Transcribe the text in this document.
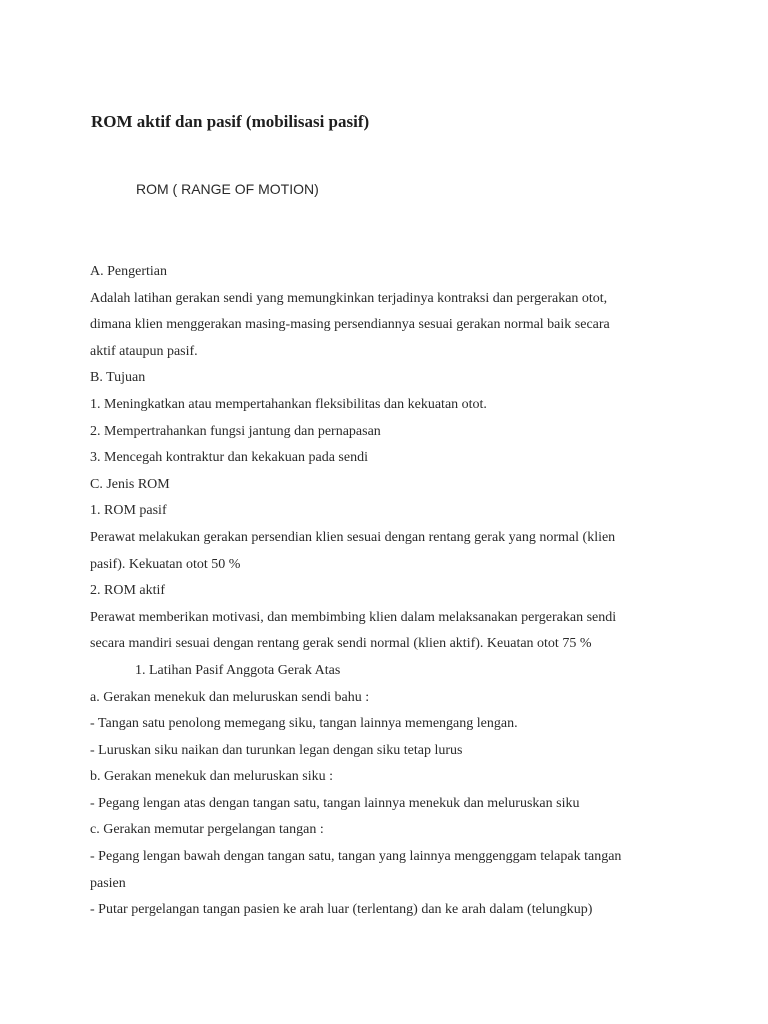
ROM aktif dan pasif (mobilisasi pasif)
ROM ( RANGE OF MOTION)
A. Pengertian
Adalah latihan gerakan sendi yang memungkinkan terjadinya kontraksi dan pergerakan otot,
dimana klien menggerakan masing-masing persendiannya sesuai gerakan normal baik secara
aktif ataupun pasif.
B. Tujuan
1. Meningkatkan atau mempertahankan fleksibilitas dan kekuatan otot.
2. Mempertrahankan fungsi jantung dan pernapasan
3. Mencegah kontraktur dan kekakuan pada sendi
C. Jenis ROM
1. ROM pasif
Perawat melakukan gerakan persendian klien sesuai dengan rentang gerak yang normal (klien
pasif). Kekuatan otot 50 %
2. ROM aktif
Perawat memberikan motivasi, dan membimbing klien dalam melaksanakan pergerakan sendi
secara mandiri sesuai dengan rentang gerak sendi normal (klien aktif). Keuatan otot 75 %
1. Latihan Pasif Anggota Gerak Atas
a. Gerakan menekuk dan meluruskan sendi bahu :
- Tangan satu penolong memegang siku, tangan lainnya memengang lengan.
- Luruskan siku naikan dan turunkan legan dengan siku tetap lurus
b. Gerakan menekuk dan meluruskan siku :
- Pegang lengan atas dengan tangan satu, tangan lainnya menekuk dan meluruskan siku
c. Gerakan memutar pergelangan tangan :
- Pegang lengan bawah dengan tangan satu, tangan yang lainnya menggenggam telapak tangan
pasien
- Putar pergelangan tangan pasien ke arah luar (terlentang) dan ke arah dalam (telungkup)
